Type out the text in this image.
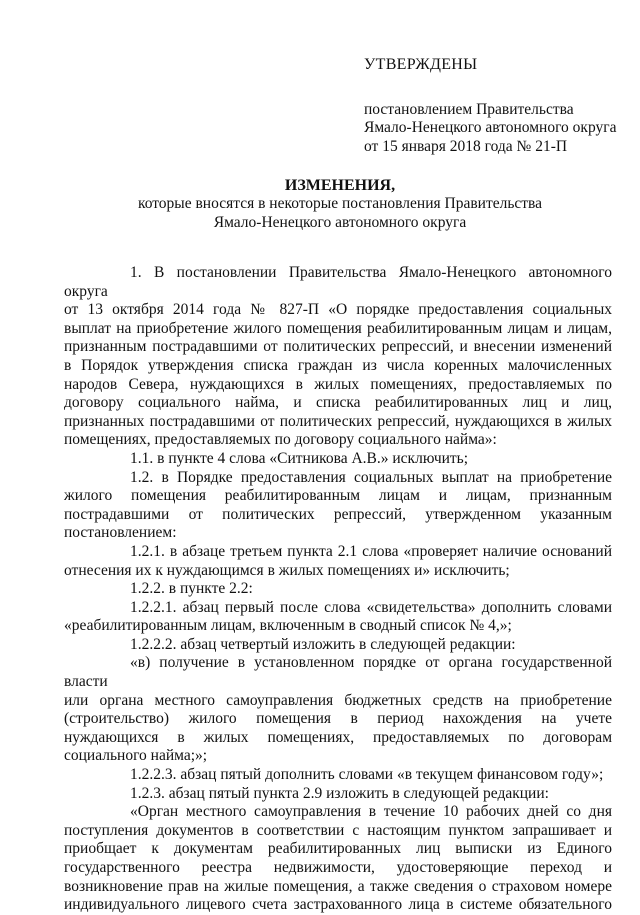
УТВЕРЖДЕНЫ
постановлением Правительства
Ямало-Ненецкого автономного округа
от 15 января 2018 года № 21-П
ИЗМЕНЕНИЯ,
которые вносятся в некоторые постановления Правительства
Ямало-Ненецкого автономного округа

1. В постановлении Правительства Ямало-Ненецкого автономного округа

от 13 октября 2014 года № 827-П «О порядке предоставления социальных

выплат на приобретение жилого помещения реабилитированным лицам и лицам,

признанным пострадавшими от политических репрессий, и внесении изменений

в Порядок утверждения списка граждан из числа коренных малочисленных

народов Севера, нуждающихся в жилых помещениях, предоставляемых по

договору социального найма, и списка реабилитированных лиц и лиц,

признанных пострадавшими от политических репрессий, нуждающихся в жилых

помещениях, предоставляемых по договору социального найма»:

1.1. в пункте 4 слова «Ситникова А.В.» исключить;

1.2. в Порядке предоставления социальных выплат на приобретение

жилого помещения реабилитированным лицам и лицам, признанным

пострадавшими от политических репрессий, утвержденном указанным

постановлением:

1.2.1. в абзаце третьем пункта 2.1 слова «проверяет наличие оснований

отнесения их к нуждающимся в жилых помещениях и» исключить;

1.2.2. в пункте 2.2:

1.2.2.1. абзац первый после слова «свидетельства» дополнить словами

«реабилитированным лицам, включенным в сводный список № 4,»;

1.2.2.2. абзац четвертый изложить в следующей редакции:

«в) получение в установленном порядке от органа государственной власти

или органа местного самоуправления бюджетных средств на приобретение

(строительство) жилого помещения в период нахождения на учете

нуждающихся в жилых помещениях, предоставляемых по договорам

социального найма;»;

1.2.2.3. абзац пятый дополнить словами «в текущем финансовом году»;

1.2.3. абзац пятый пункта 2.9 изложить в следующей редакции:

«Орган местного самоуправления в течение 10 рабочих дней со дня

поступления документов в соответствии с настоящим пунктом запрашивает и

приобщает к документам реабилитированных лиц выписки из Единого

государственного реестра недвижимости, удостоверяющие переход и

возникновение прав на жилые помещения, а также сведения о страховом номере

индивидуального лицевого счета застрахованного лица в системе обязательного
